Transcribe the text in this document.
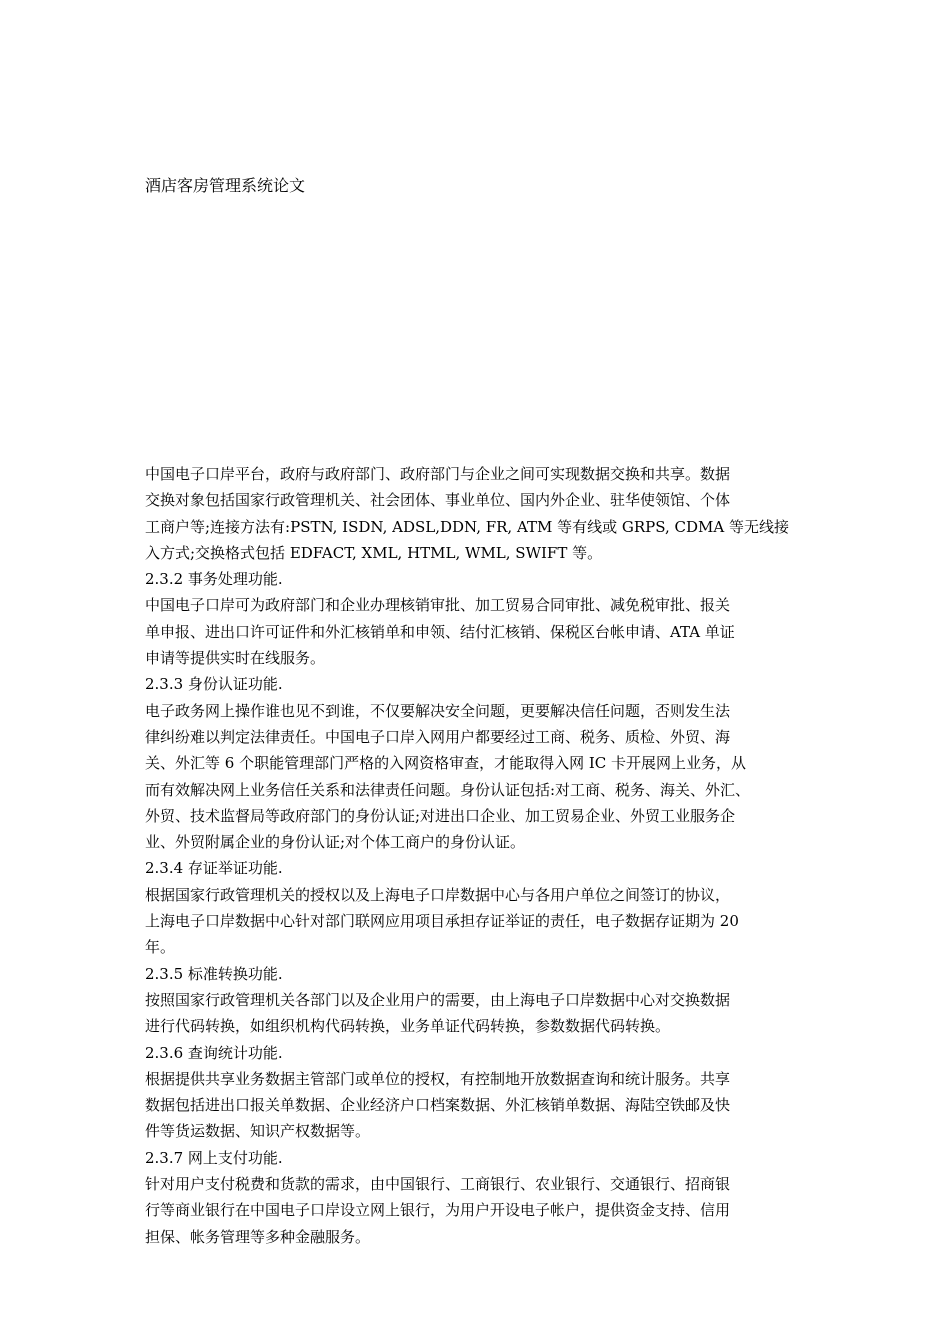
酒店客房管理系统论文
中国电子口岸平台，政府与政府部门、政府部门与企业之间可实现数据交换和共享。数据
交换对象包括国家行政管理机关、社会团体、事业单位、国内外企业、驻华使领馆、个体
工商户等;连接方法有:PSTN, ISDN, ADSL,DDN, FR, ATM 等有线或 GRPS, CDMA 等无线接
入方式;交换格式包括 EDFACT, XML, HTML, WML, SWIFT 等。
2.3.2 事务处理功能.
中国电子口岸可为政府部门和企业办理核销审批、加工贸易合同审批、减免税审批、报关
单申报、进出口许可证件和外汇核销单和申领、结付汇核销、保税区台帐申请、ATA 单证
申请等提供实时在线服务。
2.3.3 身份认证功能.
电子政务网上操作谁也见不到谁，不仅要解决安全问题，更要解决信任问题，否则发生法
律纠纷难以判定法律责任。中国电子口岸入网用户都要经过工商、税务、质检、外贸、海
关、外汇等 6 个职能管理部门严格的入网资格审查，才能取得入网 IC 卡开展网上业务，从
而有效解决网上业务信任关系和法律责任问题。身份认证包括:对工商、税务、海关、外汇、
外贸、技术监督局等政府部门的身份认证;对进出口企业、加工贸易企业、外贸工业服务企
业、外贸附属企业的身份认证;对个体工商户的身份认证。
2.3.4 存证举证功能.
根据国家行政管理机关的授权以及上海电子口岸数据中心与各用户单位之间签订的协议，
上海电子口岸数据中心针对部门联网应用项目承担存证举证的责任，电子数据存证期为 20
年。
2.3.5 标准转换功能.
按照国家行政管理机关各部门以及企业用户的需要，由上海电子口岸数据中心对交换数据
进行代码转换，如组织机构代码转换，业务单证代码转换，参数数据代码转换。
2.3.6 查询统计功能.
根据提供共享业务数据主管部门或单位的授权，有控制地开放数据查询和统计服务。共享
数据包括进出口报关单数据、企业经济户口档案数据、外汇核销单数据、海陆空铁邮及快
件等货运数据、知识产权数据等。
2.3.7 网上支付功能.
针对用户支付税费和货款的需求，由中国银行、工商银行、农业银行、交通银行、招商银
行等商业银行在中国电子口岸设立网上银行，为用户开设电子帐户，提供资金支持、信用
担保、帐务管理等多种金融服务。
